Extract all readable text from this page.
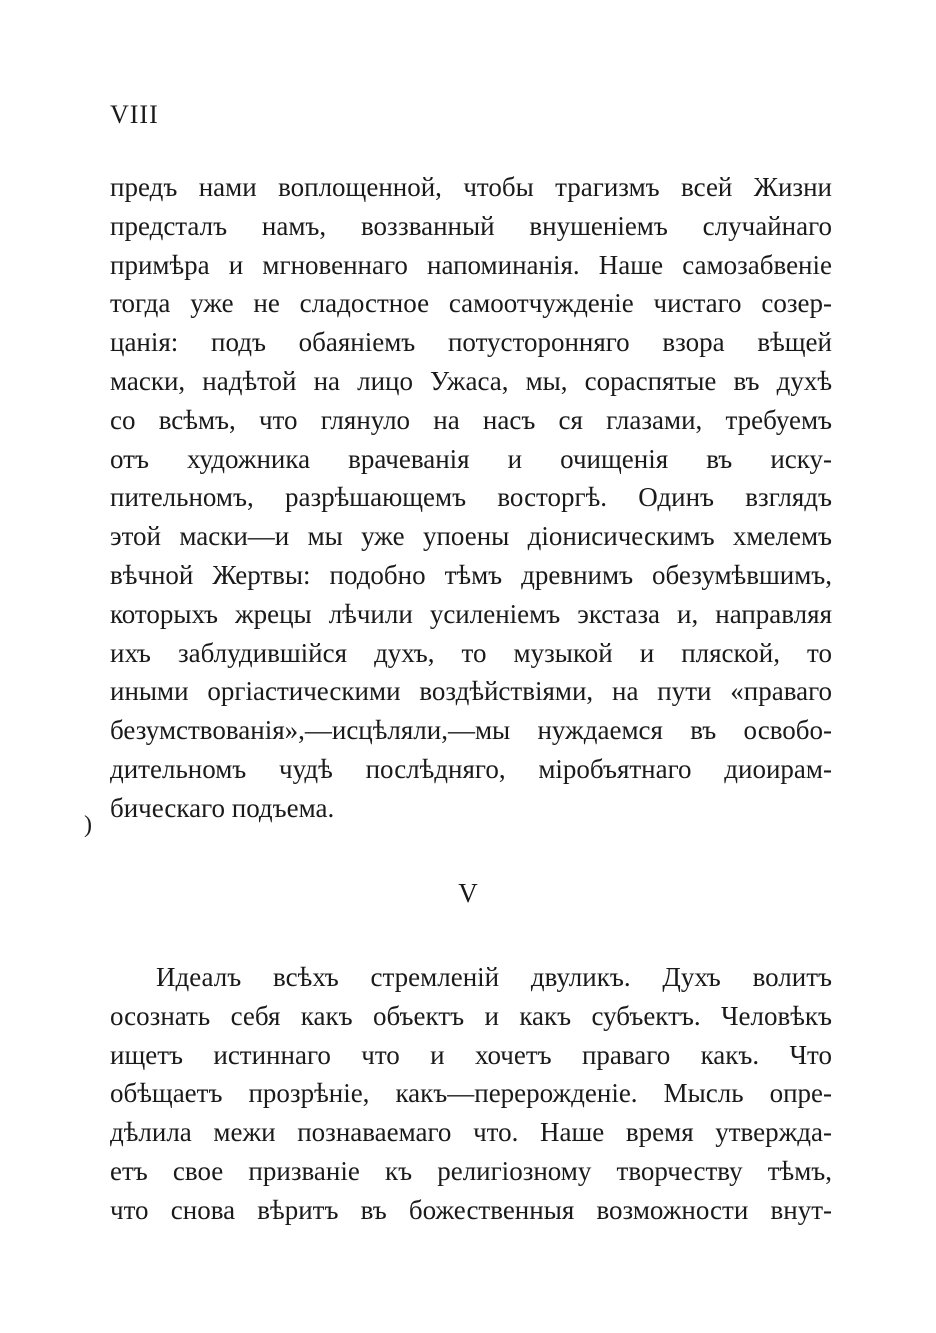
VIII
предъ нами воплощенной, чтобы трагизмъ всей Жизни
предсталъ намъ, воззванный внушеніемъ случайнаго
примѣра и мгновеннаго напоминанія. Наше самозабвеніе
тогда уже не сладостное самоотчужденіе чистаго созер-
цанія: подъ обаяніемъ потусторонняго взора вѣщей
маски, надѣтой на лицо Ужаса, мы, сораспятые въ духѣ
со всѣмъ, что глянуло на насъ ся глазами, требуемъ
отъ художника врачеванія и очищенія въ иску-
пительномъ, разрѣшающемъ восторгѣ. Одинъ взглядъ
этой маски—и мы уже упоены діонисическимъ хмелемъ
вѣчной Жертвы: подобно тѣмъ древнимъ обезумѣвшимъ,
которыхъ жрецы лѣчили усиленіемъ экстаза и, направляя
ихъ заблудившійся духъ, то музыкой и пляской, то
иными оргіастическими воздѣйствіями, на пути «праваго
безумствованія»,—исцѣляли,—мы нуждаемся въ освобо-
дительномъ чудѣ послѣдняго, міробъятнаго диоирам-
бическаго подъема.
)
V
Идеалъ всѣхъ стремленій двуликъ. Духъ волитъ
осознать себя какъ объектъ и какъ субъектъ. Человѣкъ
ищетъ истиннаго что и хочетъ праваго какъ. Что
обѣщаетъ прозрѣніе, какъ—перерожденіе. Мысль опре-
дѣлила межи познаваемаго что. Наше время утвержда-
етъ свое призваніе къ религіозному творчеству тѣмъ,
что снова вѣритъ въ божественныя возможности внут-
